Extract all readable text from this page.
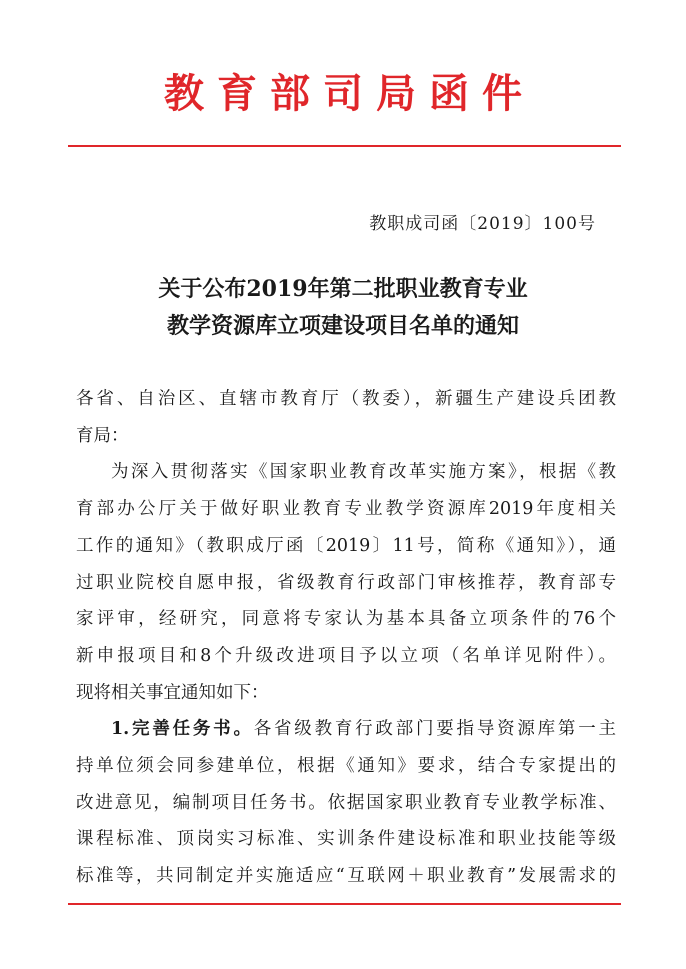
教育部司局函件
教职成司函〔2019〕100号
关于公布2019年第二批职业教育专业
教学资源库立项建设项目名单的通知
各省、自治区、直辖市教育厅（教委），新疆生产建设兵团教
育局：
为深入贯彻落实《国家职业教育改革实施方案》，根据《教
育部办公厅关于做好职业教育专业教学资源库2019年度相关
工作的通知》（教职成厅函〔2019〕11号，简称《通知》），通
过职业院校自愿申报，省级教育行政部门审核推荐，教育部专
家评审，经研究，同意将专家认为基本具备立项条件的76个
新申报项目和8个升级改进项目予以立项（名单详见附件）。
现将相关事宜通知如下：
1.完善任务书。各省级教育行政部门要指导资源库第一主
持单位须会同参建单位，根据《通知》要求，结合专家提出的
改进意见，编制项目任务书。依据国家职业教育专业教学标准、
课程标准、顶岗实习标准、实训条件建设标准和职业技能等级
标准等，共同制定并实施适应“互联网＋职业教育”发展需求的
